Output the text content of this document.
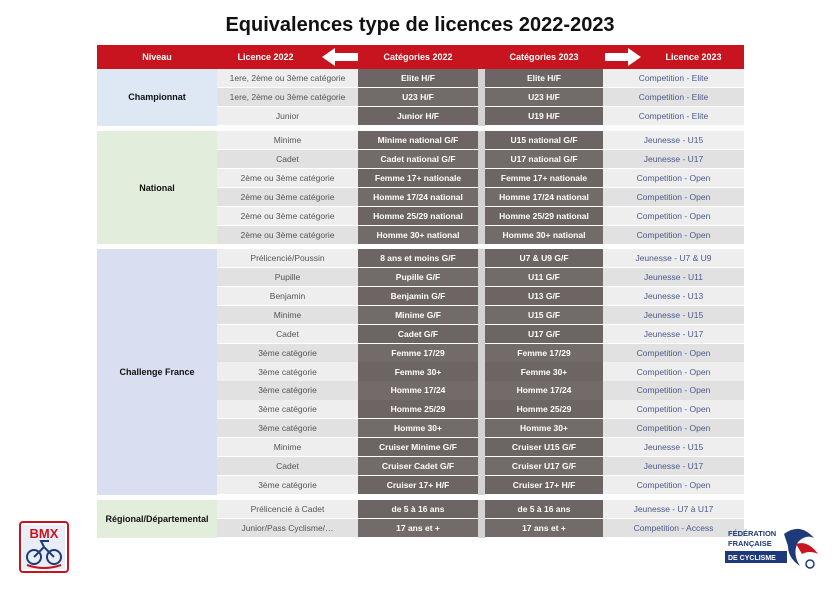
Equivalences type de licences 2022-2023
Niveau	Licence 2022	Catégories 2022	Catégories 2023	Licence 2023
Championnat
1ere, 2ème ou 3ème catégorie	Elite H/F	Elite H/F	Competition - Elite
1ere, 2ème ou 3ème catégorie	U23 H/F	U23 H/F	Competition - Elite
Junior	Junior H/F	U19 H/F	Competition - Elite
National
Minime	Minime national G/F	U15 national G/F	Jeunesse - U15
Cadet	Cadet national G/F	U17 national G/F	Jeunesse - U17
2ème ou 3ème catégorie	Femme 17+ nationale	Femme 17+ nationale	Competition - Open
2ème ou 3ème catégorie	Homme 17/24 national	Homme 17/24 national	Competition - Open
2ème ou 3ème catégorie	Homme 25/29 national	Homme 25/29 national	Competition - Open
2ème ou 3ème catégorie	Homme 30+ national	Homme 30+ national	Competition - Open
Challenge France
Prélicencié/Poussin	8 ans et moins G/F	U7 & U9 G/F	Jeunesse - U7 & U9
Pupille	Pupille G/F	U11 G/F	Jeunesse - U11
Benjamin	Benjamin G/F	U13 G/F	Jeunesse - U13
Minime	Minime G/F	U15 G/F	Jeunesse - U15
Cadet	Cadet G/F	U17 G/F	Jeunesse - U17
3ème catégorie	Femme 17/29	Femme 17/29	Competition - Open
3ème catégorie	Femme 30+	Femme 30+	Competition - Open
3ème catégorie	Homme 17/24	Homme 17/24	Competition - Open
3ème catégorie	Homme 25/29	Homme 25/29	Competition - Open
3ème catégorie	Homme 30+	Homme 30+	Competition - Open
Minime	Cruiser Minime G/F	Cruiser U15 G/F	Jeunesse - U15
Cadet	Cruiser Cadet G/F	Cruiser U17 G/F	Jeunesse - U17
3ème catégorie	Cruiser 17+ H/F	Cruiser 17+ H/F	Competition - Open
Régional/Départemental
Prélicencié à Cadet	de 5 à 16 ans	de 5 à 16 ans	Jeunesse - U7 à U17
Junior/Pass Cyclisme/…	17 ans et +	17 ans et +	Competition - Access
BMX	FÉDÉRATION
FRANÇAISE
DE CYCLISME
